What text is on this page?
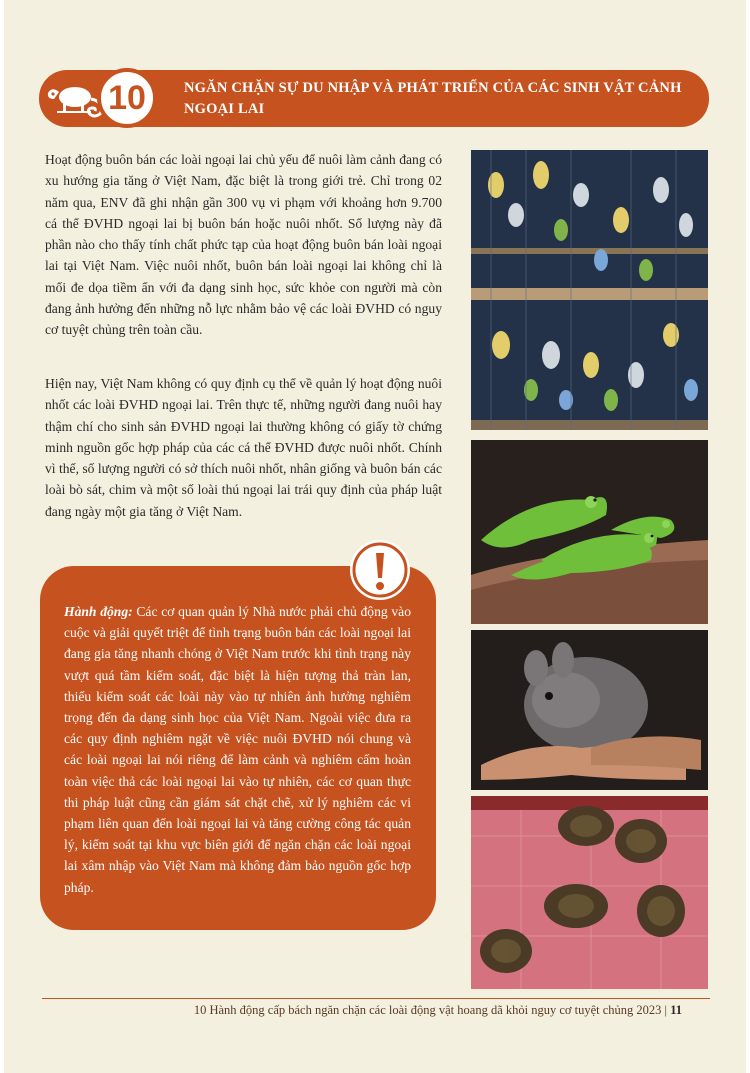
10	NGĂN CHẶN SỰ DU NHẬP VÀ PHÁT TRIỂN CỦA CÁC SINH VẬT CẢNH NGOẠI LAI

Hoạt động buôn bán các loài ngoại lai chủ yếu để nuôi làm cảnh đang có xu hướng gia tăng ở Việt Nam, đặc biệt là trong giới trẻ. Chỉ trong 02 năm qua, ENV đã ghi nhận gần 300 vụ vi phạm với khoảng hơn 9.700 cá thể ĐVHD ngoại lai bị buôn bán hoặc nuôi nhốt. Số lượng này đã phần nào cho thấy tính chất phức tạp của hoạt động buôn bán loài ngoại lai tại Việt Nam. Việc nuôi nhốt, buôn bán loài ngoại lai không chỉ là mối đe dọa tiềm ẩn với đa dạng sinh học, sức khỏe con người mà còn đang ảnh hưởng đến những nỗ lực nhằm bảo vệ các loài ĐVHD có nguy cơ tuyệt chủng trên toàn cầu.

Hiện nay, Việt Nam không có quy định cụ thể về quản lý hoạt động nuôi nhốt các loài ĐVHD ngoại lai. Trên thực tế, những người đang nuôi hay thậm chí cho sinh sản ĐVHD ngoại lai thường không có giấy tờ chứng minh nguồn gốc hợp pháp của các cá thể ĐVHD được nuôi nhốt. Chính vì thế, số lượng người có sở thích nuôi nhốt, nhân giống và buôn bán các loài bò sát, chim và một số loài thú ngoại lai trái quy định của pháp luật đang ngày một gia tăng ở Việt Nam.

Hành động: Các cơ quan quản lý Nhà nước phải chủ động vào cuộc và giải quyết triệt để tình trạng buôn bán các loài ngoại lai đang gia tăng nhanh chóng ở Việt Nam trước khi tình trạng này vượt quá tầm kiểm soát, đặc biệt là hiện tượng thả tràn lan, thiếu kiểm soát các loài này vào tự nhiên ảnh hưởng nghiêm trọng đến đa dạng sinh học của Việt Nam. Ngoài việc đưa ra các quy định nghiêm ngặt về việc nuôi ĐVHD nói chung và các loài ngoại lai nói riêng để làm cảnh và nghiêm cấm hoàn toàn việc thả các loài ngoại lai vào tự nhiên, các cơ quan thực thi pháp luật cũng cần giám sát chặt chẽ, xử lý nghiêm các vi phạm liên quan đến loài ngoại lai và tăng cường công tác quản lý, kiểm soát tại khu vực biên giới để ngăn chặn các loài ngoại lai xâm nhập vào Việt Nam mà không đảm bảo nguồn gốc hợp pháp.

10 Hành động cấp bách ngăn chặn các loài động vật hoang dã khỏi nguy cơ tuyệt chủng 2023 | 11
